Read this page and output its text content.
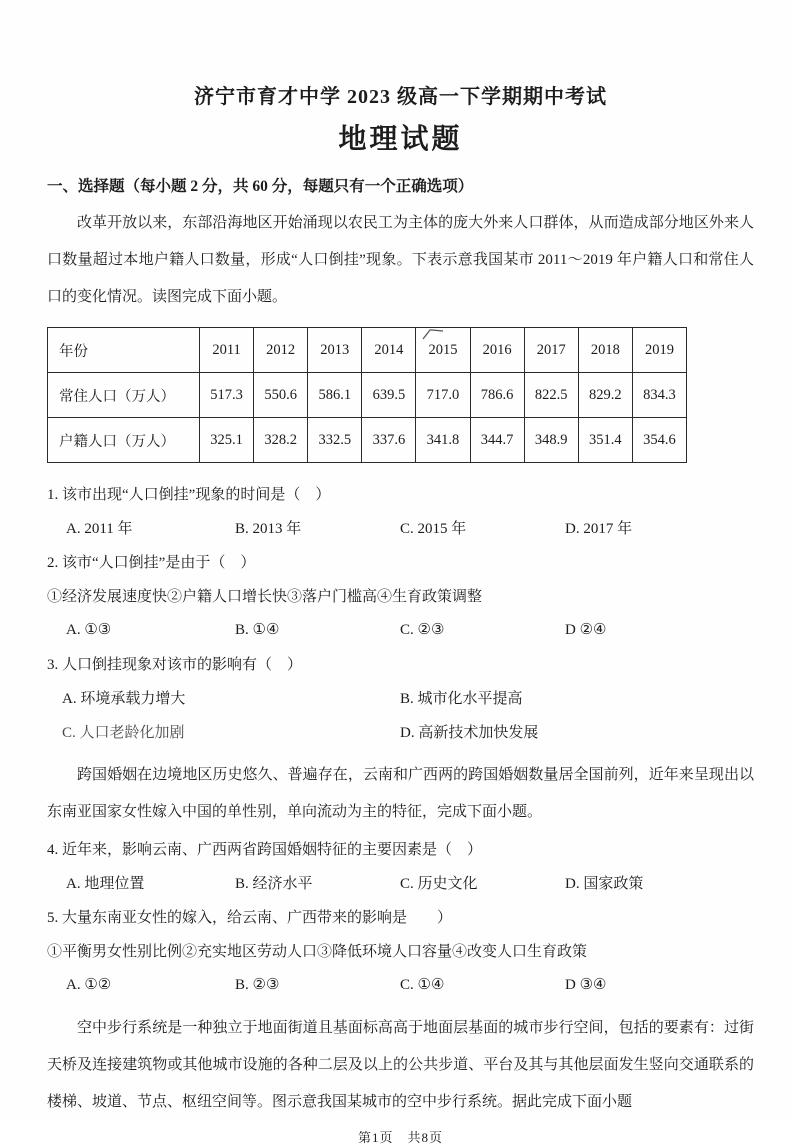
济宁市育才中学 2023 级高一下学期期中考试
地理试题
一、选择题（每小题 2 分，共 60 分，每题只有一个正确选项）

改革开放以来，东部沿海地区开始涌现以农民工为主体的庞大外来人口群体，从而造成部分地区外来人口数量超过本地户籍人口数量，形成“人口倒挂”现象。下表示意我国某市 2011～2019 年户籍人口和常住人口的变化情况。读图完成下面小题。

年份	2011	2012	2013	2014	2015	2016	2017	2018	2019
常住人口（万人）	517.3	550.6	586.1	639.5	717.0	786.6	822.5	829.2	834.3
户籍人口（万人）	325.1	328.2	332.5	337.6	341.8	344.7	348.9	351.4	354.6
1. 该市出现“人口倒挂”现象的时间是（　）
A. 2011 年	B. 2013 年	C. 2015 年	D. 2017 年
2. 该市“人口倒挂”是由于（　）
①经济发展速度快②户籍人口增长快③落户门槛高④生育政策调整
A. ①③	B. ①④	C. ②③	D ②④
3. 人口倒挂现象对该市的影响有（　）
A. 环境承载力增大	B. 城市化水平提高
C. 人口老龄化加剧	D. 高新技术加快发展

跨国婚姻在边境地区历史悠久、普遍存在，云南和广西两的跨国婚姻数量居全国前列，近年来呈现出以东南亚国家女性嫁入中国的单性别，单向流动为主的特征，完成下面小题。

4. 近年来，影响云南、广西两省跨国婚姻特征的主要因素是（　）
A. 地理位置	B. 经济水平	C. 历史文化	D. 国家政策
5. 大量东南亚女性的嫁入，给云南、广西带来的影响是　　）
①平衡男女性别比例②充实地区劳动人口③降低环境人口容量④改变人口生育政策
A. ①②	B. ②③	C. ①④	D ③④

空中步行系统是一种独立于地面街道且基面标高高于地面层基面的城市步行空间，包括的要素有：过街天桥及连接建筑物或其他城市设施的各种二层及以上的公共步道、平台及其与其他层面发生竖向交通联系的楼梯、坡道、节点、枢纽空间等。图示意我国某城市的空中步行系统。据此完成下面小题

第1页　共8页
